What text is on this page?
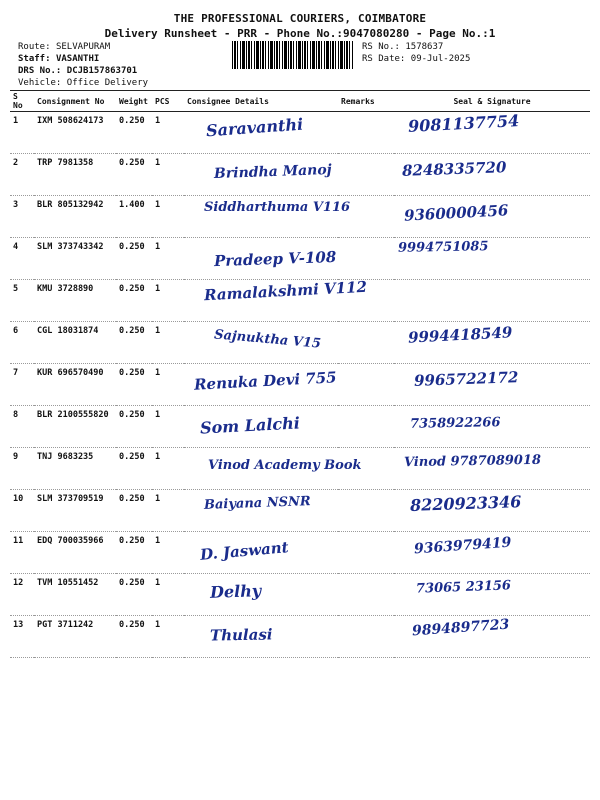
THE PROFESSIONAL COURIERS, COIMBATORE
Delivery Runsheet - PRR - Phone No.:9047080280 - Page No.:1
Route: SELVAPURAM
Staff: VASANTHI
DRS No.: DCJB157863701
Vehicle: Office Delivery
RS No.: 1578637
RS Date: 09-Jul-2025
S No	Consignment No	Weight	PCS	Consignee Details	Remarks	Seal & Signature
1	IXM 508624173	0.250	1	Saravanthi		9081137754

2	TRP 7981358	0.250	1	Brindha Manoj		8248335720

3	BLR 805132942	1.400	1	Siddharthuma V116		9360000456

4	SLM 373743342	0.250	1	Pradeep V-108		9994751085

5	KMU 3728890	0.250	1	Ramalakshmi V112		

6	CGL 18031874	0.250	1	Sajnuktha V15		9994418549

7	KUR 696570490	0.250	1	Renuka Devi 755		9965722172

8	BLR 2100555820	0.250	1	Som Lalchi		7358922266

9	TNJ 9683235	0.250	1	Vinod Academy Book		Vinod 9787089018

10	SLM 373709519	0.250	1	Baiyana NSNR		8220923346

11	EDQ 700035966	0.250	1	D. Jaswant		9363979419

12	TVM 10551452	0.250	1	Delhy		73065 23156

13	PGT 3711242	0.250	1	Thulasi		9894897723
